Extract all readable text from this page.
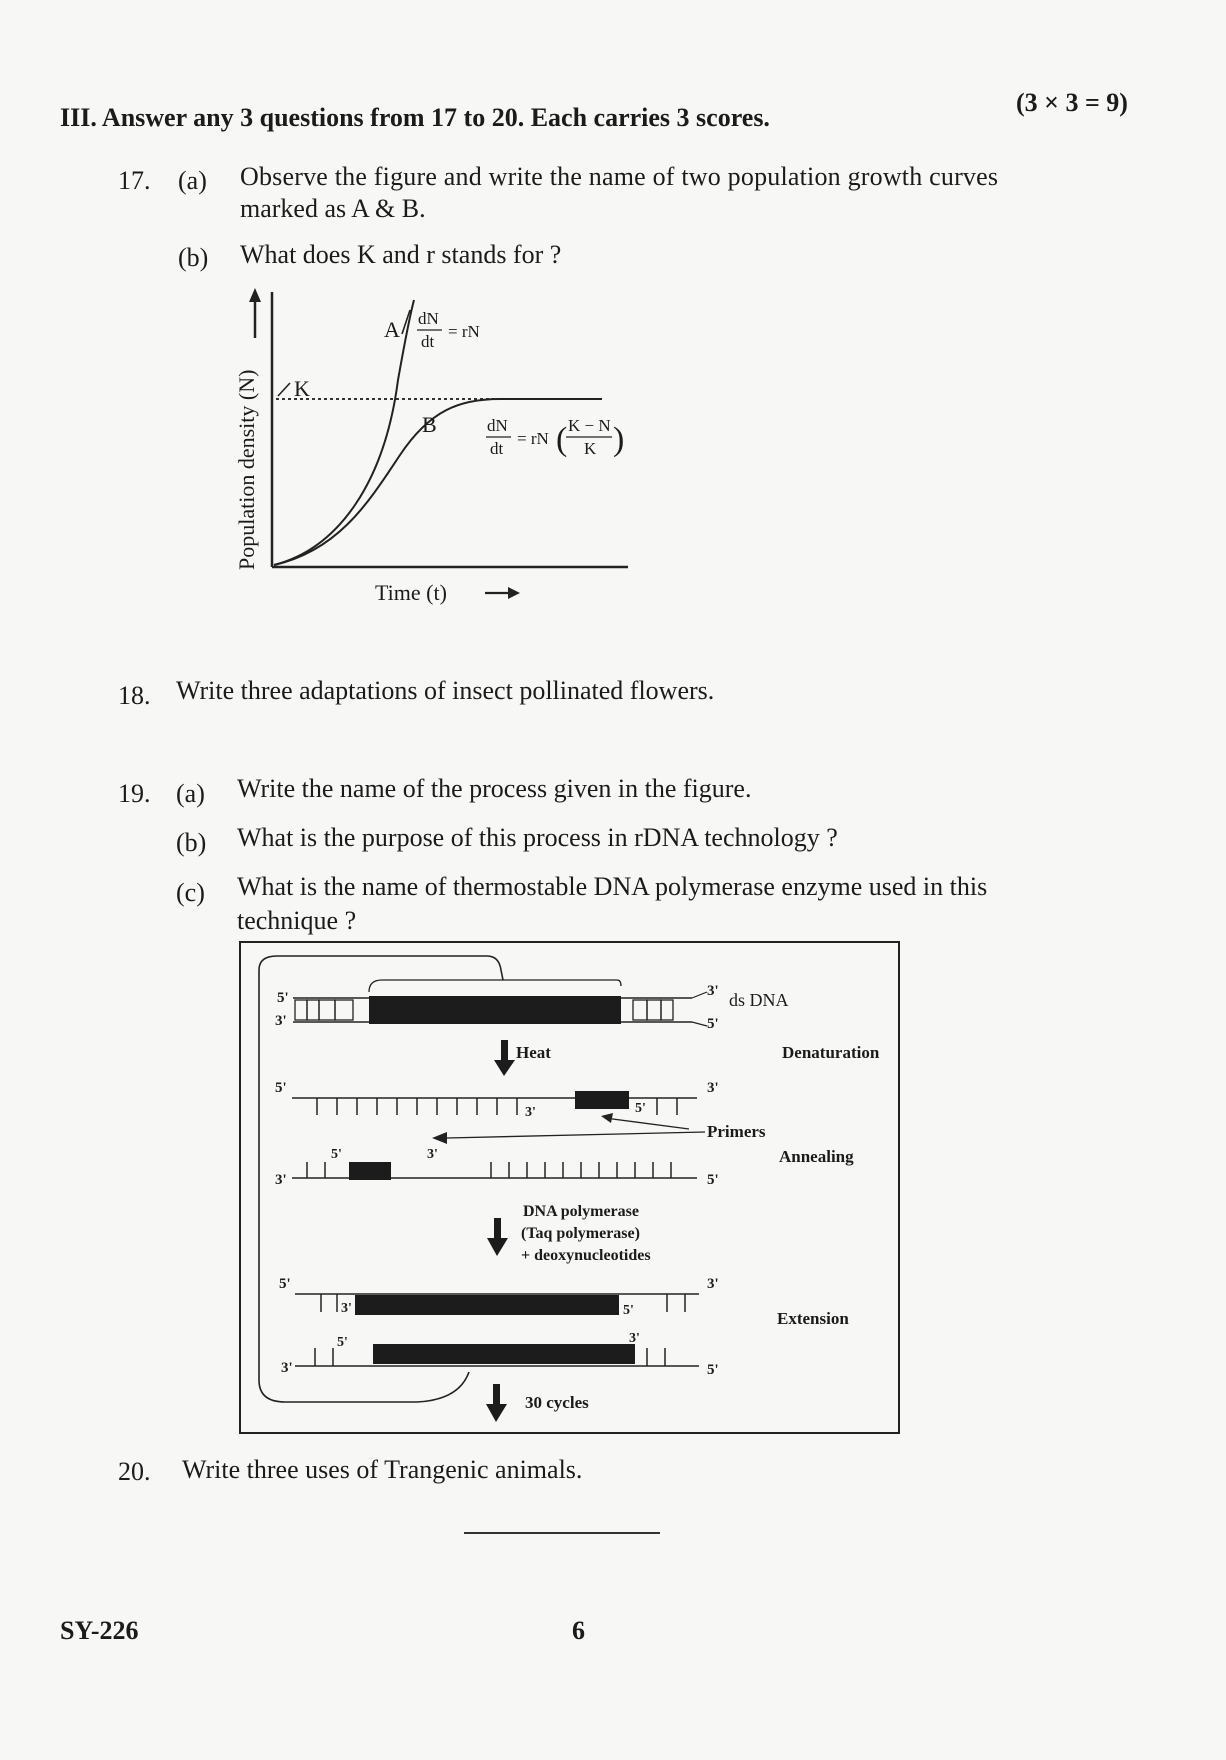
III. Answer any 3 questions from 17 to 20. Each carries 3 scores.
(3 × 3 = 9)
17. (a) Observe the figure and write the name of two population growth curves
marked as A & B.
(b) What does K and r stands for ?
Population density (N) K
A dN
dt
= rN
B	dN
dt
= rN ( K − N
K )
Time (t)
18. Write three adaptations of insect pollinated flowers.
19. (a) Write the name of the process given in the figure.
(b) What is the purpose of this process in rDNA technology ?
(c) What is the name of thermostable DNA polymerase enzyme used in this
technique ?
5'
3'
3'
5'
ds DNA
Heat	Denaturation
5'
3'	5'
3'
Primers
Annealing
3'
5'	3'
5'
DNA polymerase
(Taq polymerase)
+ deoxynucleotides
5'
3'	5'
3'
Extension
3'
5'	3'
5'
30 cycles
20. Write three uses of Trangenic animals.
SY-226	6
